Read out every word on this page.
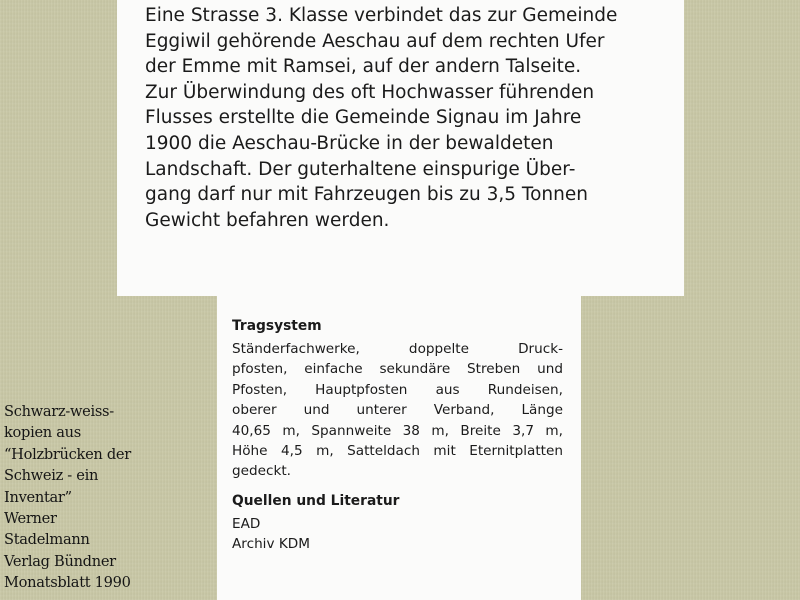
Eine Strasse 3. Klasse verbindet das zur Gemeinde
Eggiwil gehörende Aeschau auf dem rechten Ufer
der Emme mit Ramsei, auf der andern Talseite.
Zur Überwindung des oft Hochwasser führenden
Flusses erstellte die Gemeinde Signau im Jahre
1900 die Aeschau-Brücke in der bewaldeten
Landschaft. Der guterhaltene einspurige Über-
gang darf nur mit Fahrzeugen bis zu 3,5 Tonnen
Gewicht befahren werden.

Tragsystem
Ständerfachwerke, doppelte Druck-
pfosten, einfache sekundäre Streben und
Pfosten, Hauptpfosten aus Rundeisen,
oberer und unterer Verband, Länge
40,65 m, Spannweite 38 m, Breite 3,7 m,
Höhe 4,5 m, Satteldach mit Eternitplatten
gedeckt.
Quellen und Literatur
EAD
Archiv KDM
Schwarz-weiss-
kopien aus
“Holzbrücken der
Schweiz - ein
Inventar”
Werner
Stadelmann
Verlag Bündner
Monatsblatt 1990
